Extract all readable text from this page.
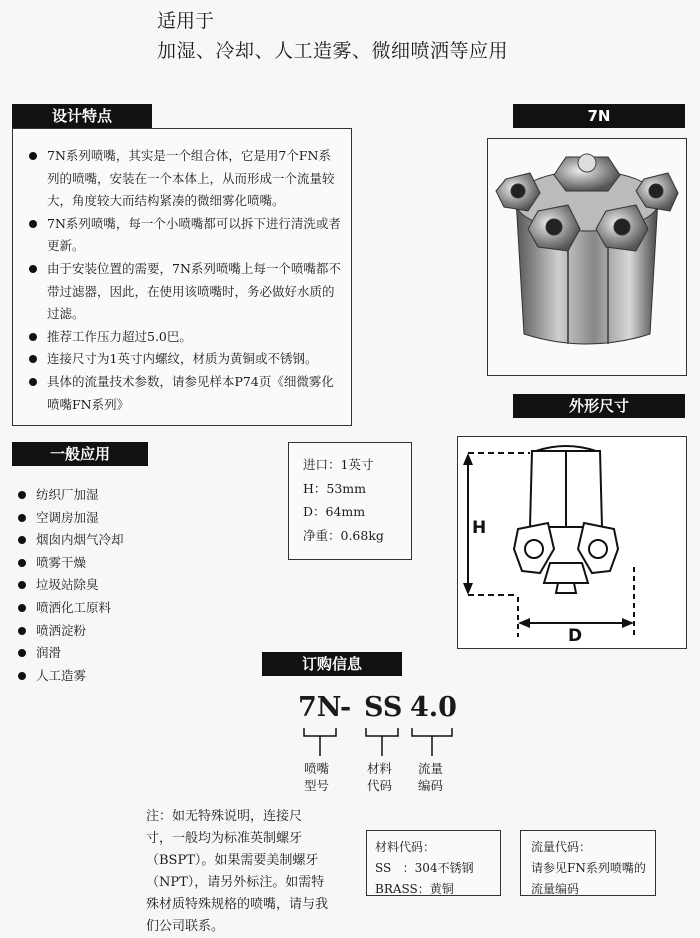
适用于
加湿、冷却、人工造雾、微细喷洒等应用
设计特点
7N系列喷嘴，其实是一个组合体，它是用7个FN系列的喷嘴，安装在一个本体上，从而形成一个流量较大，角度较大而结构紧凑的微细雾化喷嘴。
7N系列喷嘴，每一个小喷嘴都可以拆下进行清洗或者更新。
由于安装位置的需要，7N系列喷嘴上每一个喷嘴都不带过滤器，因此，在使用该喷嘴时，务必做好水质的过滤。
推荐工作压力超过5.0巴。
连接尺寸为1英寸内螺纹，材质为黄铜或不锈钢。
具体的流量技术参数，请参见样本P74页《细微雾化喷嘴FN系列》
7N
外形尺寸
H
D
一般应用
纺织厂加湿
空调房加湿
烟囱内烟气冷却
喷雾干燥
垃圾站除臭
喷洒化工原料
喷洒淀粉
润滑
人工造雾
进口：1英寸
H：53mm
D：64mm
净重：0.68kg
订购信息
7N
- SS 4.0
喷嘴
型号
材料
代码
流量
编码
注：如无特殊说明，连接尺
寸，一般均为标准英制螺牙
（BSPT）。如果需要美制螺牙
（NPT），请另外标注。如需特
殊材质特殊规格的喷嘴，请与我
们公司联系。
材料代码：
SS   ：304不锈钢
BRASS：黄铜
流量代码：
请参见FN系列喷嘴的
流量编码
